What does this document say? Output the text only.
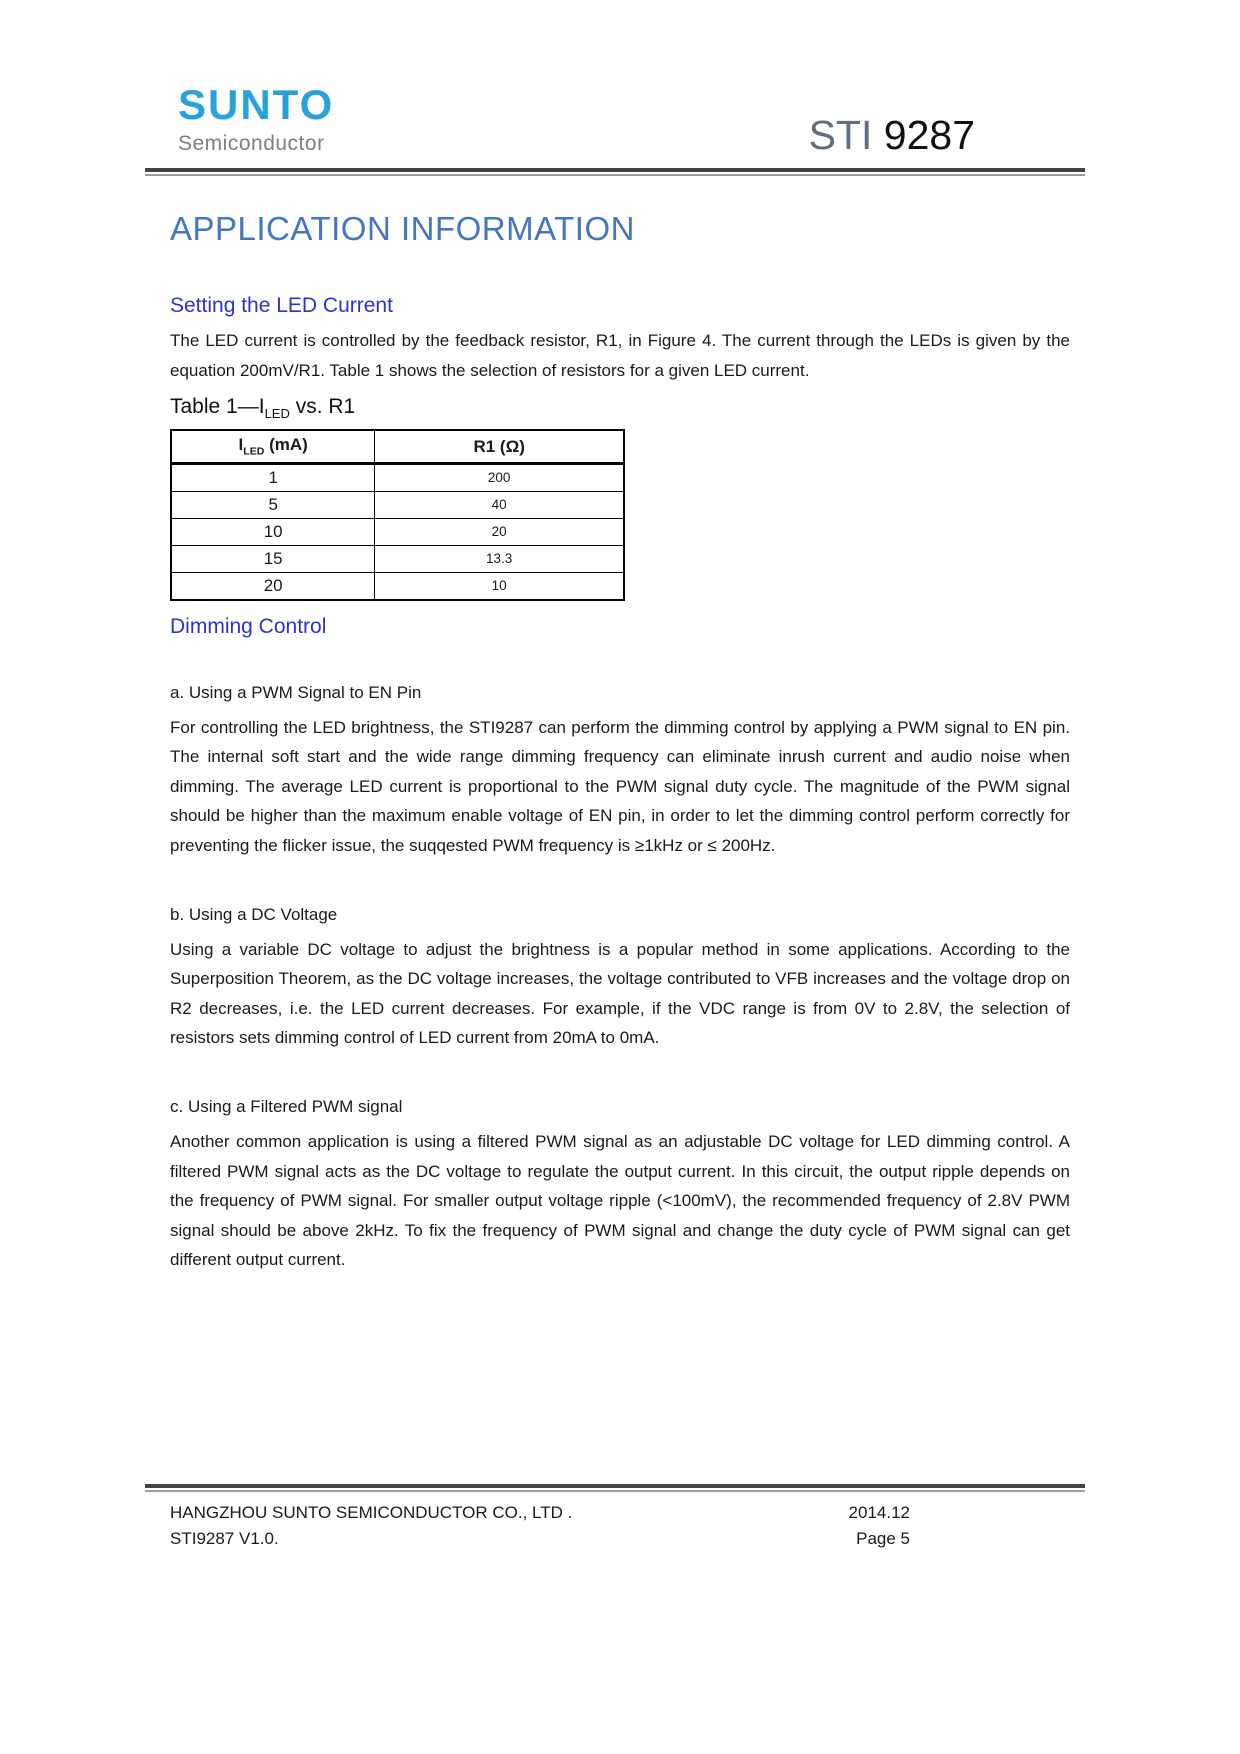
SUNTO
Semiconductor	STI 9287
APPLICATION INFORMATION
Setting the LED Current

The LED current is controlled by the feedback resistor, R1, in Figure 4. The current through the LEDs is given by the equation 200mV/R1. Table 1 shows the selection of resistors for a given LED current.

Table $1—I_{LED}$ vs. R1
$I_{LED}$ (mA)	R1 (Ω)
1	200
5	40
10	20
15	13.3
20	10
Dimming Control

a. Using a PWM Signal to EN Pin

For controlling the LED brightness, the STI9287 can perform the dimming control by applying a PWM signal to EN pin. The internal soft start and the wide range dimming frequency can eliminate inrush current and audio noise when dimming. The average LED current is proportional to the PWM signal duty cycle. The magnitude of the PWM signal should be higher than the maximum enable voltage of EN pin, in order to let the dimming control perform correctly for preventing the flicker issue, the suqqested PWM frequency is ≥1kHz or ≤ 200Hz.

b. Using a DC Voltage

Using a variable DC voltage to adjust the brightness is a popular method in some applications. According to the Superposition Theorem, as the DC voltage increases, the voltage contributed to VFB increases and the voltage drop on R2 decreases, i.e. the LED current decreases. For example, if the VDC range is from 0V to 2.8V, the selection of resistors sets dimming control of LED current from 20mA to 0mA.

c. Using a Filtered PWM signal

Another common application is using a filtered PWM signal as an adjustable DC voltage for LED dimming control. A filtered PWM signal acts as the DC voltage to regulate the output current. In this circuit, the output ripple depends on the frequency of PWM signal. For smaller output voltage ripple (<100mV), the recommended frequency of 2.8V PWM signal should be above 2kHz. To fix the frequency of PWM signal and change the duty cycle of PWM signal can get different output current.

HANGZHOU SUNTO SEMICONDUCTOR CO., LTD .	2014.12
STI9287 V1.0.	Page 5
